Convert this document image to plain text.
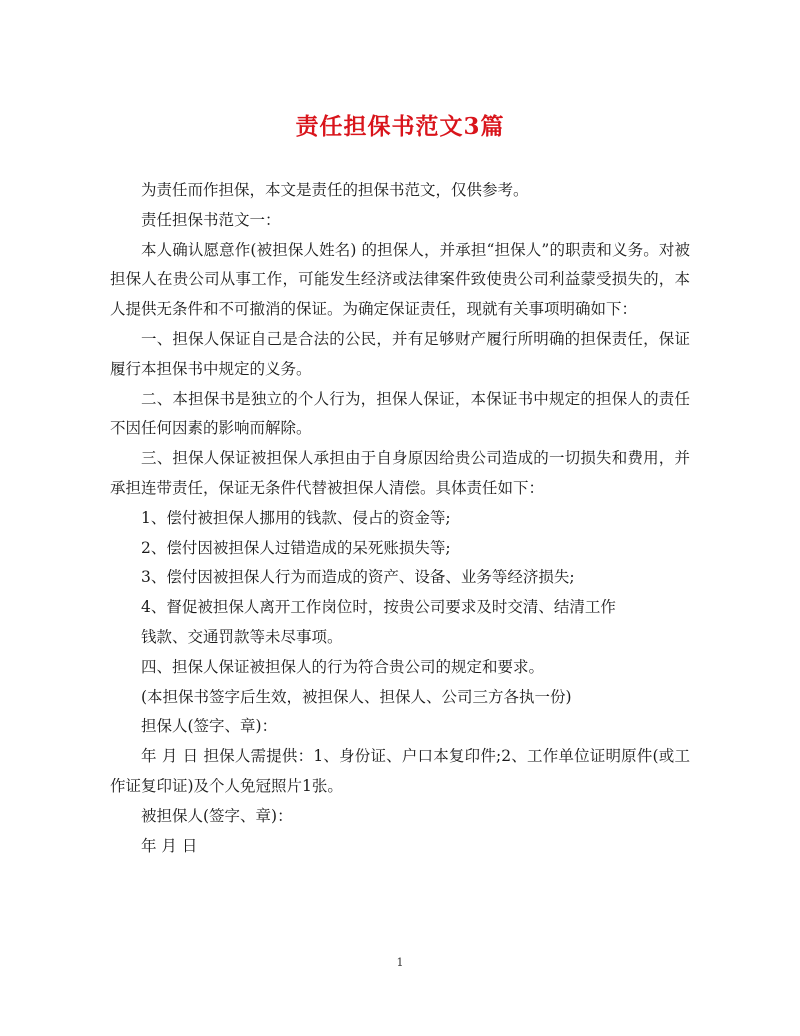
责任担保书范文3篇

为责任而作担保，本文是责任的担保书范文，仅供参考。

责任担保书范文一：

本人确认愿意作(被担保人姓名) 的担保人，并承担“担保人”的职责和义务。对被担保人在贵公司从事工作，可能发生经济或法律案件致使贵公司利益蒙受损失的，本人提供无条件和不可撤消的保证。为确定保证责任，现就有关事项明确如下：

一、担保人保证自己是合法的公民，并有足够财产履行所明确的担保责任，保证履行本担保书中规定的义务。

二、本担保书是独立的个人行为，担保人保证，本保证书中规定的担保人的责任不因任何因素的影响而解除。

三、担保人保证被担保人承担由于自身原因给贵公司造成的一切损失和费用，并承担连带责任，保证无条件代替被担保人清偿。具体责任如下：

1、偿付被担保人挪用的钱款、侵占的资金等;

2、偿付因被担保人过错造成的呆死账损失等;

3、偿付因被担保人行为而造成的资产、设备、业务等经济损失;

4、督促被担保人离开工作岗位时，按贵公司要求及时交清、结清工作

钱款、交通罚款等未尽事项。

四、担保人保证被担保人的行为符合贵公司的规定和要求。

(本担保书签字后生效，被担保人、担保人、公司三方各执一份)

担保人(签字、章)：

年 月 日 担保人需提供：1、身份证、户口本复印件;2、工作单位证明原件(或工作证复印证)及个人免冠照片1张。

被担保人(签字、章)：

年 月 日

1
